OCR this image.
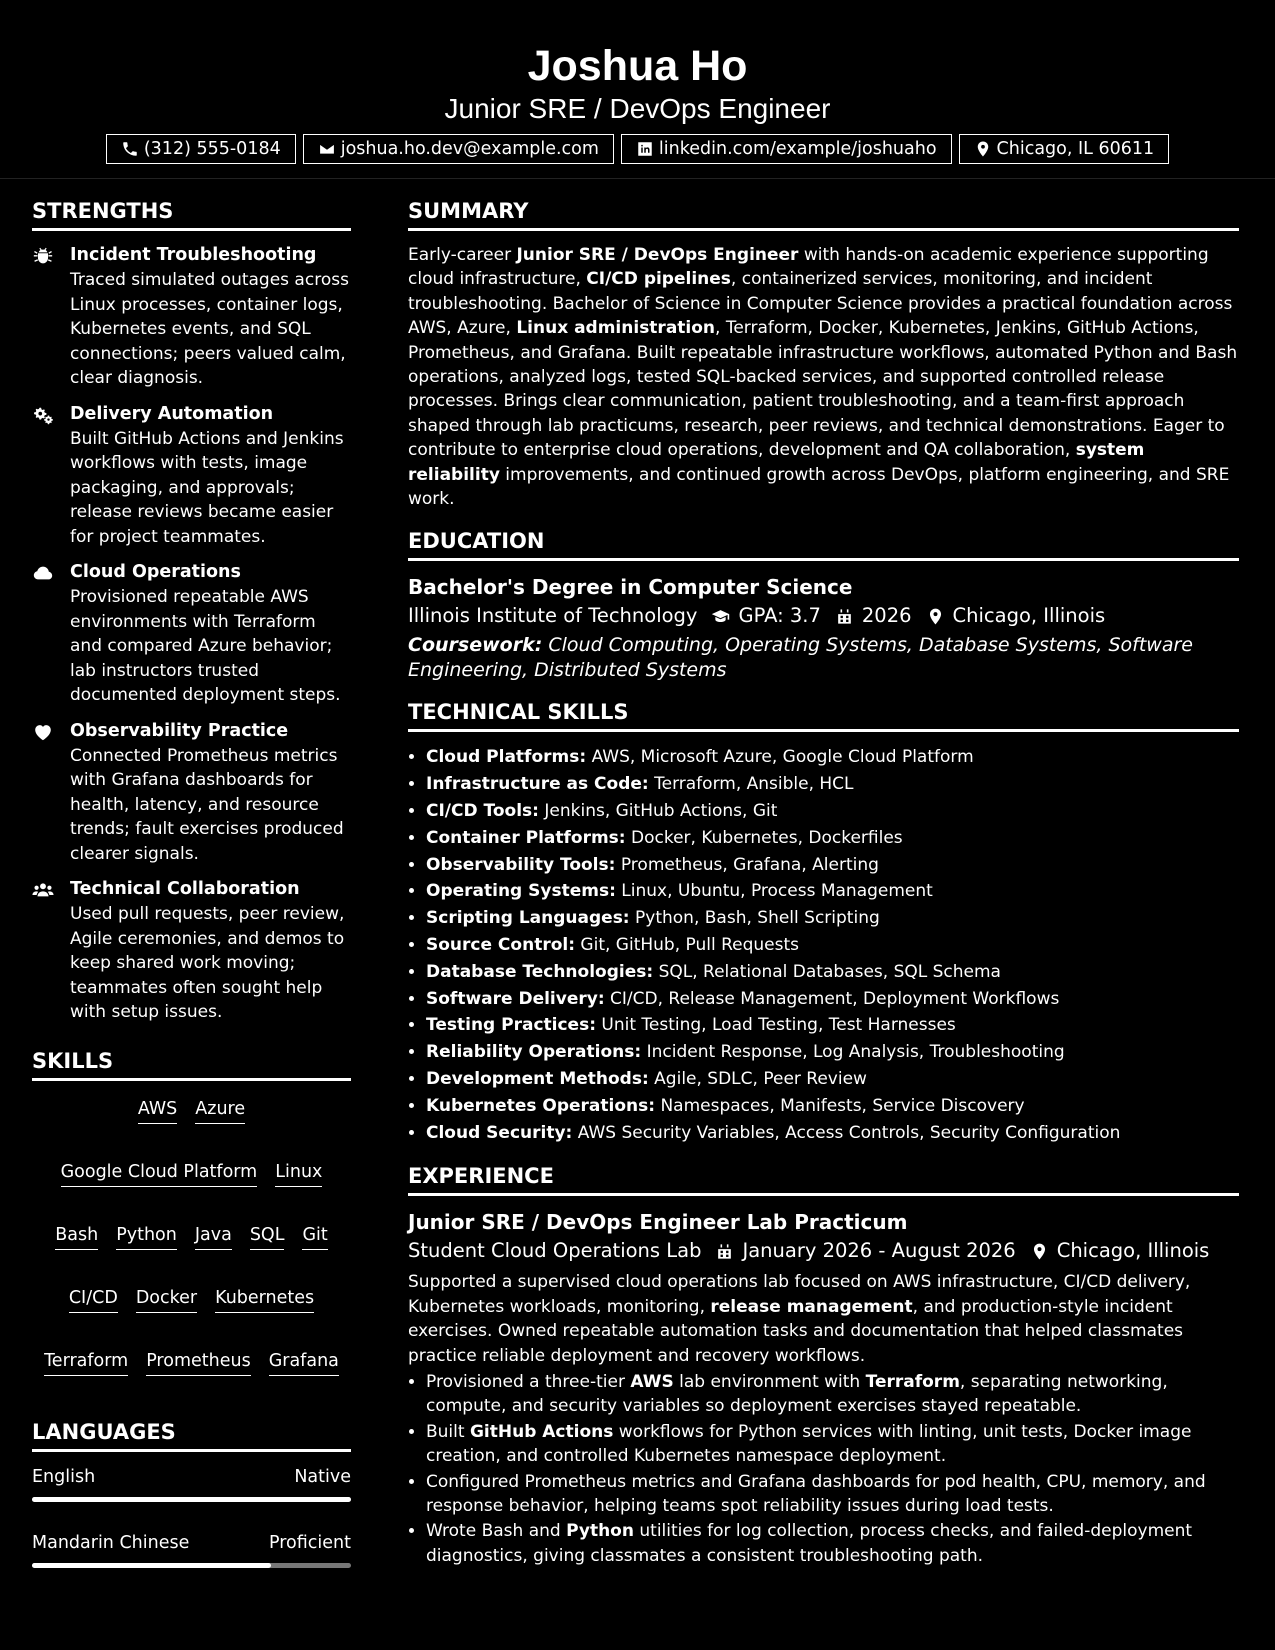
Joshua Ho
Junior SRE / DevOps Engineer
(312) 555-0184	joshua.ho.dev@example.com	linkedin.com/example/joshuaho	Chicago, IL 60611
STRENGTHS
Incident Troubleshooting
Traced simulated outages across Linux processes, container logs, Kubernetes events, and SQL connections; peers valued calm, clear diagnosis.
Delivery Automation
Built GitHub Actions and Jenkins workflows with tests, image packaging, and approvals; release reviews became easier for project teammates.
Cloud Operations
Provisioned repeatable AWS environments with Terraform and compared Azure behavior; lab instructors trusted documented deployment steps.
Observability Practice
Connected Prometheus metrics with Grafana dashboards for health, latency, and resource trends; fault exercises produced clearer signals.
Technical Collaboration
Used pull requests, peer review, Agile ceremonies, and demos to keep shared work moving; teammates often sought help with setup issues.
SKILLS
AWS Azure
Google Cloud Platform Linux
Bash Python Java SQL Git
CI/CD Docker Kubernetes
Terraform Prometheus Grafana
LANGUAGES
English	Native
Mandarin Chinese	Proficient
SUMMARY
Early-career Junior SRE / DevOps Engineer with hands-on academic experience supporting cloud infrastructure, CI/CD pipelines, containerized services, monitoring, and incident troubleshooting. Bachelor of Science in Computer Science provides a practical foundation across AWS, Azure, Linux administration, Terraform, Docker, Kubernetes, Jenkins, GitHub Actions, Prometheus, and Grafana. Built repeatable infrastructure workflows, automated Python and Bash operations, analyzed logs, tested SQL-backed services, and supported controlled release processes. Brings clear communication, patient troubleshooting, and a team-first approach shaped through lab practicums, research, peer reviews, and technical demonstrations. Eager to contribute to enterprise cloud operations, development and QA collaboration, system reliability improvements, and continued growth across DevOps, platform engineering, and SRE work.
EDUCATION
Bachelor's Degree in Computer Science
Illinois Institute of Technology GPA: 3.7 2026 Chicago, Illinois
Coursework: Cloud Computing, Operating Systems, Database Systems, Software Engineering, Distributed Systems
TECHNICAL SKILLS
• Cloud Platforms: AWS, Microsoft Azure, Google Cloud Platform
• Infrastructure as Code: Terraform, Ansible, HCL
• CI/CD Tools: Jenkins, GitHub Actions, Git
• Container Platforms: Docker, Kubernetes, Dockerfiles
• Observability Tools: Prometheus, Grafana, Alerting
• Operating Systems: Linux, Ubuntu, Process Management
• Scripting Languages: Python, Bash, Shell Scripting
• Source Control: Git, GitHub, Pull Requests
• Database Technologies: SQL, Relational Databases, SQL Schema
• Software Delivery: CI/CD, Release Management, Deployment Workflows
• Testing Practices: Unit Testing, Load Testing, Test Harnesses
• Reliability Operations: Incident Response, Log Analysis, Troubleshooting
• Development Methods: Agile, SDLC, Peer Review
• Kubernetes Operations: Namespaces, Manifests, Service Discovery
• Cloud Security: AWS Security Variables, Access Controls, Security Configuration
EXPERIENCE
Junior SRE / DevOps Engineer Lab Practicum
Student Cloud Operations Lab January 2026 - August 2026 Chicago, Illinois
Supported a supervised cloud operations lab focused on AWS infrastructure, CI/CD delivery, Kubernetes workloads, monitoring, release management, and production-style incident exercises. Owned repeatable automation tasks and documentation that helped classmates practice reliable deployment and recovery workflows.
• Provisioned a three-tier AWS lab environment with Terraform, separating networking, compute, and security variables so deployment exercises stayed repeatable.
• Built GitHub Actions workflows for Python services with linting, unit tests, Docker image creation, and controlled Kubernetes namespace deployment.
• Configured Prometheus metrics and Grafana dashboards for pod health, CPU, memory, and response behavior, helping teams spot reliability issues during load tests.
• Wrote Bash and Python utilities for log collection, process checks, and failed-deployment diagnostics, giving classmates a consistent troubleshooting path.
